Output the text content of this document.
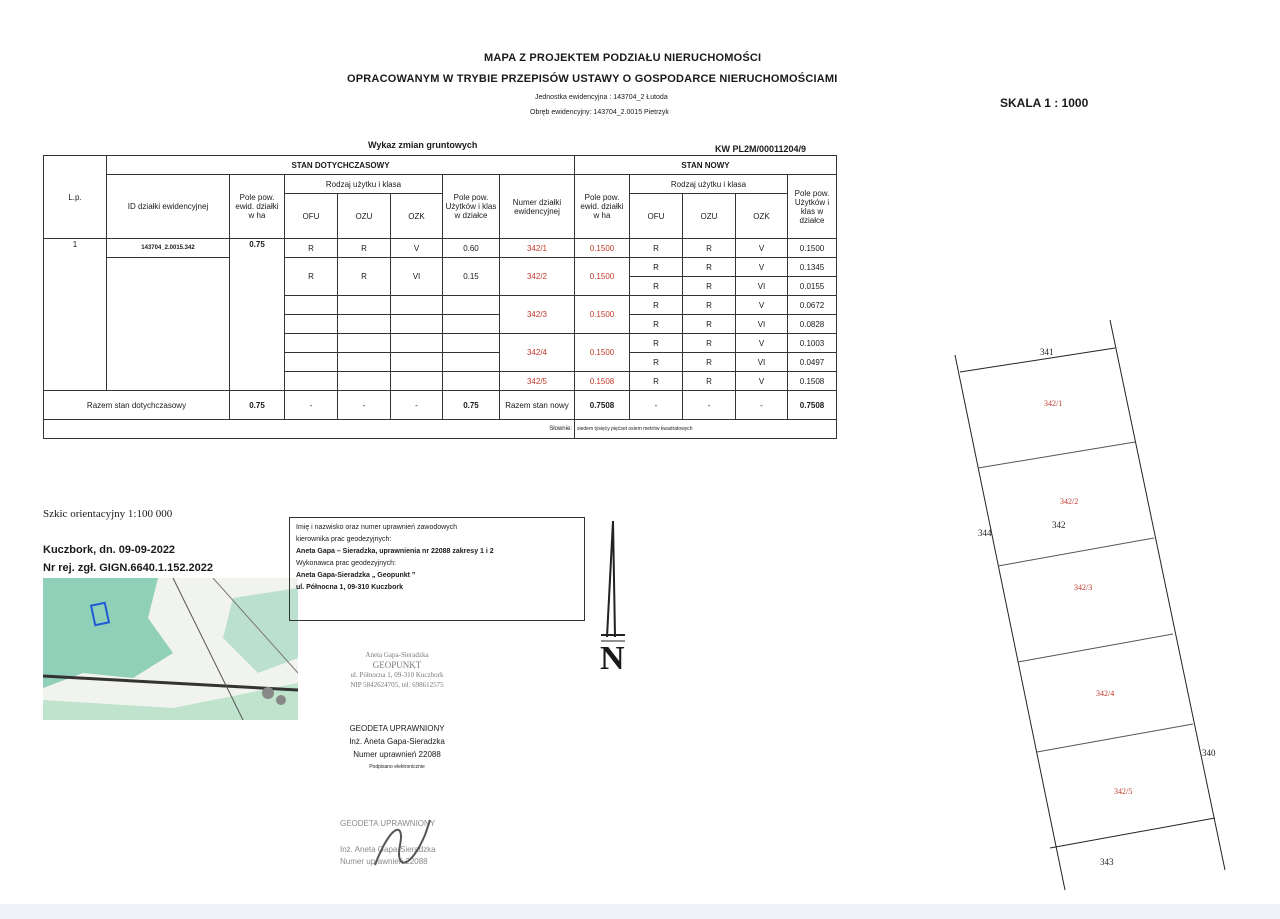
MAPA Z PROJEKTEM PODZIAŁU NIERUCHOMOŚCI
OPRACOWANYM W TRYBIE PRZEPISÓW USTAWY O GOSPODARCE NIERUCHOMOŚCIAMI
Jednostka ewidencyjna : 143704_2 Łutoda
Obręb ewidencyjny: 143704_2.0015 Pietrzyk
SKALA 1 : 1000
Wykaz zmian gruntowych	KW PL2M/00011204/9
L.p.	STAN DOTYCHCZASOWY							STAN NOWY				
	ID działki ewidencyjnej	Pole pow. ewid. działki w ha	Rodzaj użytku i klasa			Pole pow. Użytków i klas w działce	Numer działki ewidencyjnej	Pole pow. ewid. działki w ha	Rodzaj użytku i klasa			Pole pow. Użytków i klas w działce
			OFU	OZU	OZK				OFU	OZU	OZK
1	143704_2.0015.342	0.75	R	R	V	0.60	342/1	0.1500	R	R	V	0.1500
			R	R	VI	0.15	342/2	0.1500	R	R	V	0.1345
									R	R	VI	0.0155
							342/3	0.1500	R	R	V	0.0672
									R	R	VI	0.0828
							342/4	0.1500	R	R	V	0.1003
									R	R	VI	0.0497
							342/5	0.1508	R	R	V	0.1508
Razem stan dotychczasowy		0.75	-	-	-	0.75	Razem stan nowy	0.7508	-	-	-	0.7508
Słownie:								siedem tysięcy pięćset osiem metrów kwadratowych				
Szkic orientacyjny 1:100 000
Kuczbork, dn. 09-09-2022
Nr rej. zgł. GIGN.6640.1.152.2022
Imię i nazwisko oraz numer uprawnień zawodowych
kierownika prac geodezyjnych:
Aneta Gapa – Sieradzka, uprawnienia nr 22088 zakresy 1 i 2
Wykonawca prac geodezyjnych:
Aneta Gapa-Sieradzka „ Geopunkt ”
ul. Północna 1, 09-310 Kuczbork
N
Aneta Gapa-Sieradzka
GEOPUNKT
ul. Północna 1, 09-310 Kuczbork
NIP 5842624705, tel. 698612575
GEODETA UPRAWNIONY
Inż. Aneta Gapa-Sieradzka
Numer uprawnień 22088
Podpisano elektronicznie
GEODETA UPRAWNIONY
Inż. Aneta Gapa-Sieradzka
Numer uprawnień 22088
341
342
343
344
340
342/1
342/2
342/3
342/4
342/5
